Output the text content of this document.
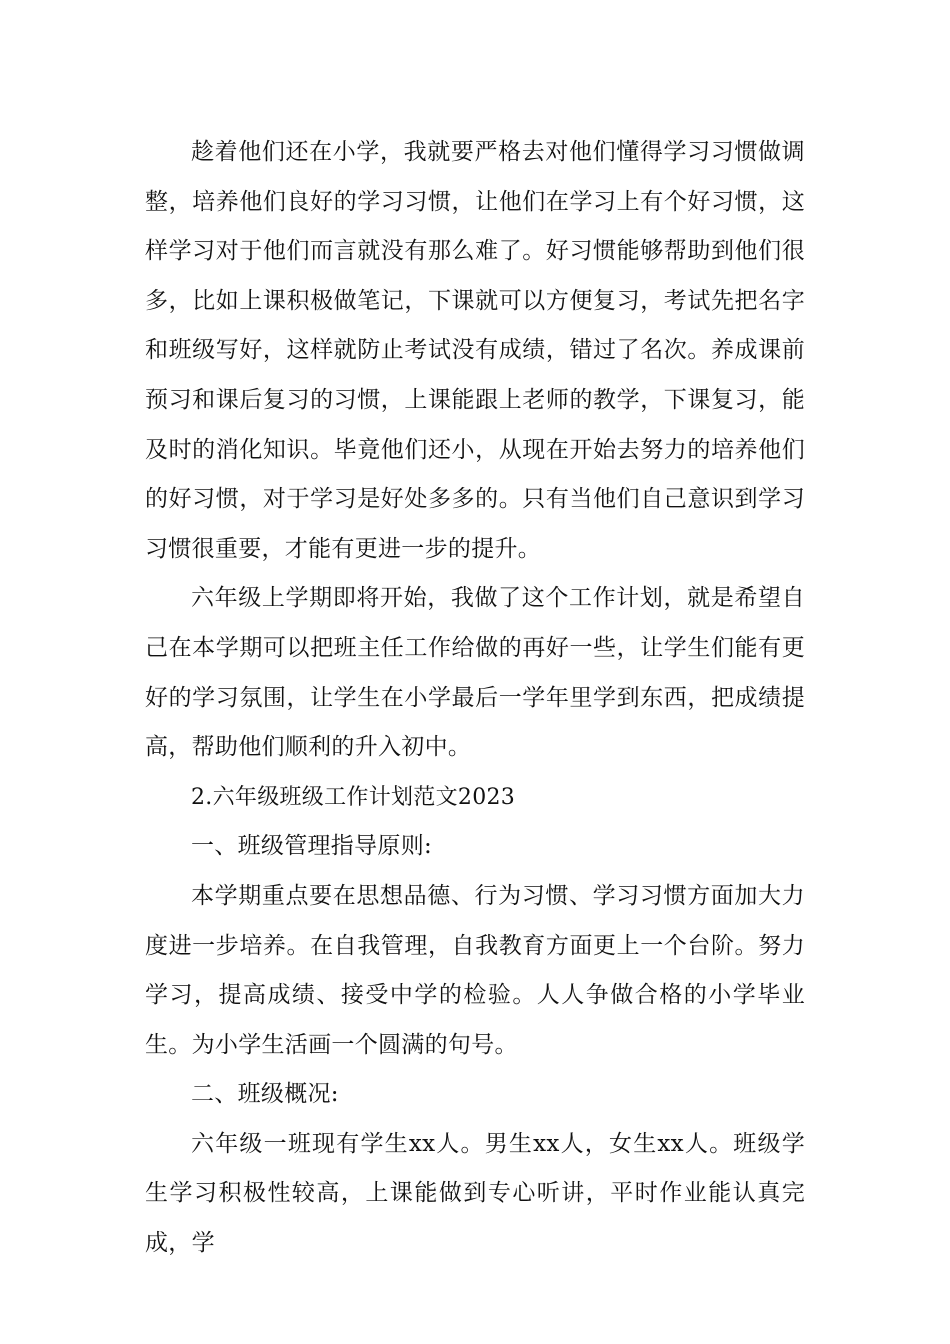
趁着他们还在小学，我就要严格去对他们懂得学习习惯做调整，培养他们良好的学习习惯，让他们在学习上有个好习惯，这样学习对于他们而言就没有那么难了。好习惯能够帮助到他们很多，比如上课积极做笔记，下课就可以方便复习，考试先把名字和班级写好，这样就防止考试没有成绩，错过了名次。养成课前预习和课后复习的习惯，上课能跟上老师的教学，下课复习，能及时的消化知识。毕竟他们还小，从现在开始去努力的培养他们的好习惯，对于学习是好处多多的。只有当他们自己意识到学习习惯很重要，才能有更进一步的提升。

六年级上学期即将开始，我做了这个工作计划，就是希望自己在本学期可以把班主任工作给做的再好一些，让学生们能有更好的学习氛围，让学生在小学最后一学年里学到东西，把成绩提高，帮助他们顺利的升入初中。

2.六年级班级工作计划范文2023

一、班级管理指导原则:

本学期重点要在思想品德、行为习惯、学习习惯方面加大力度进一步培养。在自我管理，自我教育方面更上一个台阶。努力学习，提高成绩、接受中学的检验。人人争做合格的小学毕业生。为小学生活画一个圆满的句号。

二、班级概况:

六年级一班现有学生xx人。男生xx人，女生xx人。班级学生学习积极性较高，上课能做到专心听讲，平时作业能认真完成，学
